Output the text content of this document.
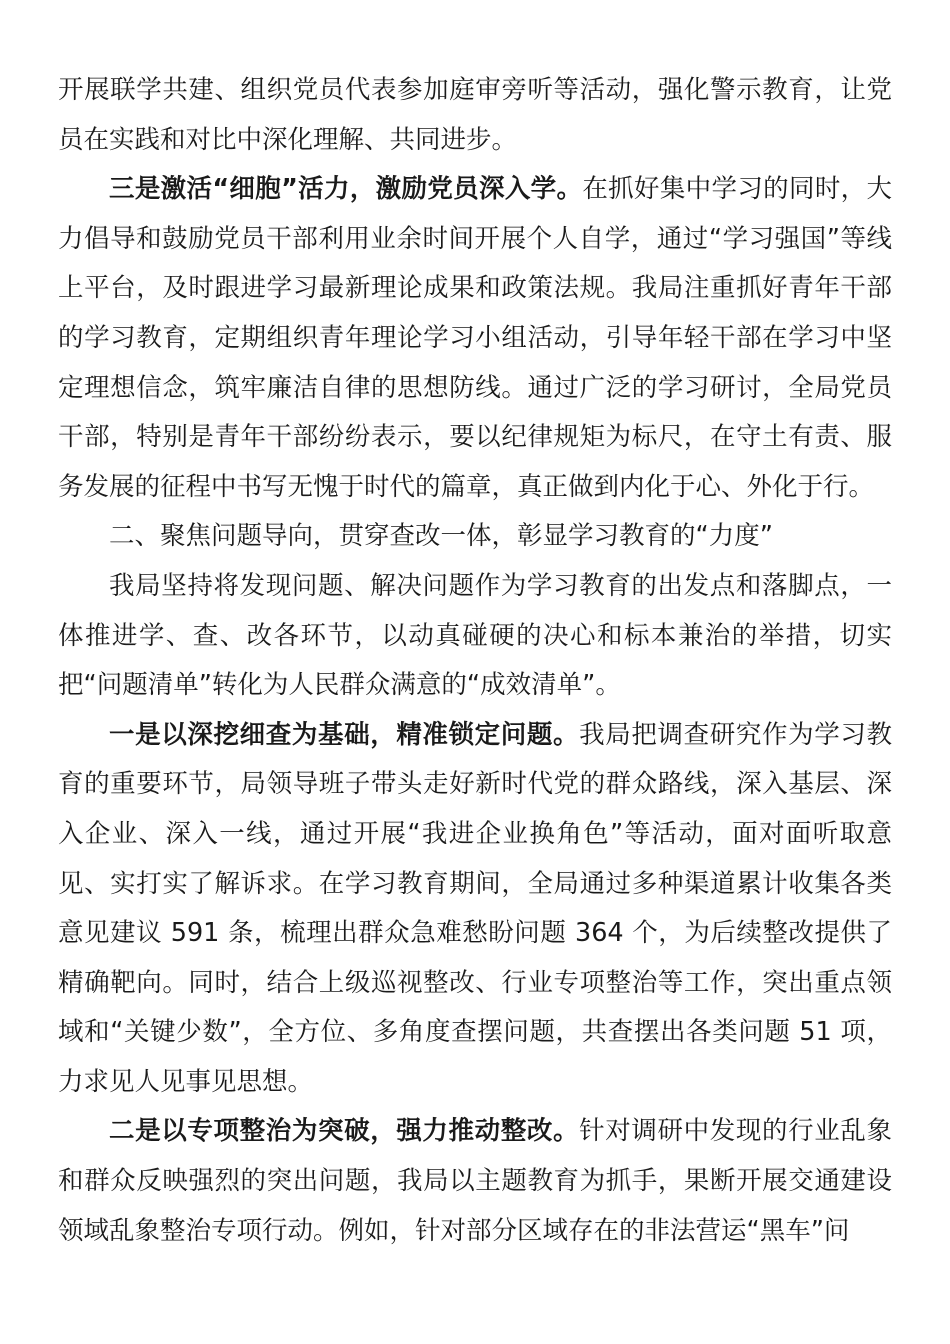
开展联学共建、组织党员代表参加庭审旁听等活动，强化警示教育，让党员在实践和对比中深化理解、共同进步。

三是激活“细胞”活力，激励党员深入学。在抓好集中学习的同时，大力倡导和鼓励党员干部利用业余时间开展个人自学，通过“学习强国”等线上平台，及时跟进学习最新理论成果和政策法规。我局注重抓好青年干部的学习教育，定期组织青年理论学习小组活动，引导年轻干部在学习中坚定理想信念，筑牢廉洁自律的思想防线。通过广泛的学习研讨，全局党员干部，特别是青年干部纷纷表示，要以纪律规矩为标尺，在守土有责、服务发展的征程中书写无愧于时代的篇章，真正做到内化于心、外化于行。

二、聚焦问题导向，贯穿查改一体，彰显学习教育的“力度”

我局坚持将发现问题、解决问题作为学习教育的出发点和落脚点，一体推进学、查、改各环节，以动真碰硬的决心和标本兼治的举措，切实把“问题清单”转化为人民群众满意的“成效清单”。

一是以深挖细查为基础，精准锁定问题。我局把调查研究作为学习教育的重要环节，局领导班子带头走好新时代党的群众路线，深入基层、深入企业、深入一线，通过开展“我进企业换角色”等活动，面对面听取意见、实打实了解诉求。在学习教育期间，全局通过多种渠道累计收集各类意见建议 591 条，梳理出群众急难愁盼问题 364 个，为后续整改提供了精确靶向。同时，结合上级巡视整改、行业专项整治等工作，突出重点领域和“关键少数”，全方位、多角度查摆问题，共查摆出各类问题 51 项，力求见人见事见思想。

二是以专项整治为突破，强力推动整改。针对调研中发现的行业乱象和群众反映强烈的突出问题，我局以主题教育为抓手，果断开展交通建设领域乱象整治专项行动。例如，针对部分区域存在的非法营运“黑车”问
